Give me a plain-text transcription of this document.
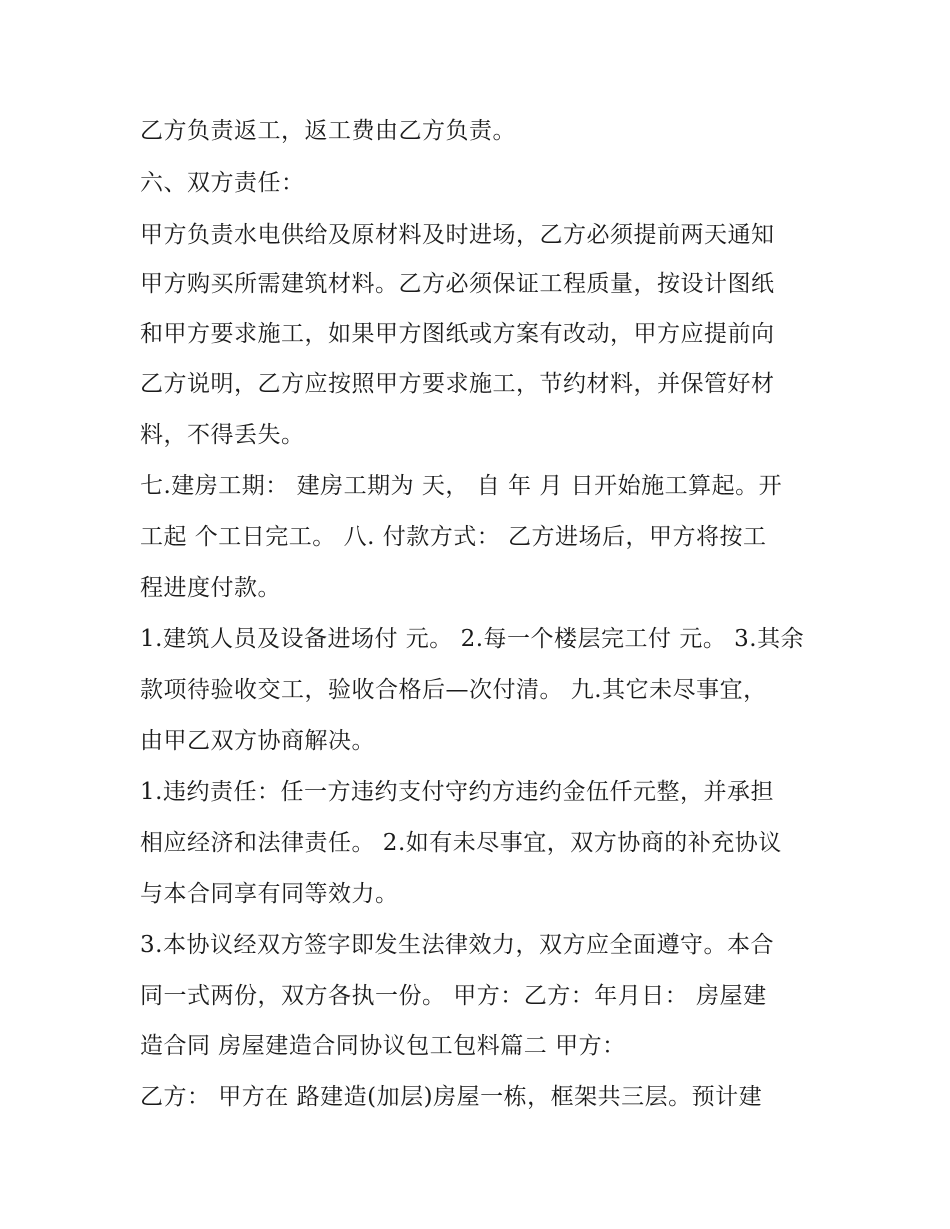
乙方负责返工，返工费由乙方负责。

六、双方责任：

甲方负责水电供给及原材料及时进场，乙方必须提前两天通知

甲方购买所需建筑材料。乙方必须保证工程质量，按设计图纸

和甲方要求施工，如果甲方图纸或方案有改动，甲方应提前向

乙方说明，乙方应按照甲方要求施工，节约材料，并保管好材

料，不得丢失。

七.建房工期： 建房工期为 天， 自 年 月 日开始施工算起。开

工起 个工日完工。 八. 付款方式： 乙方进场后，甲方将按工

程进度付款。

1.建筑人员及设备进场付 元。 2.每一个楼层完工付 元。 3.其余

款项待验收交工，验收合格后—次付清。 九.其它未尽事宜，

由甲乙双方协商解决。

1.违约责任：任一方违约支付守约方违约金伍仟元整，并承担

相应经济和法律责任。 2.如有未尽事宜，双方协商的补充协议

与本合同享有同等效力。

3.本协议经双方签字即发生法律效力，双方应全面遵守。本合

同一式两份，双方各执一份。 甲方：乙方：年月日： 房屋建

造合同 房屋建造合同协议包工包料篇二 甲方：

乙方： 甲方在 路建造(加层)房屋一栋，框架共三层。预计建
